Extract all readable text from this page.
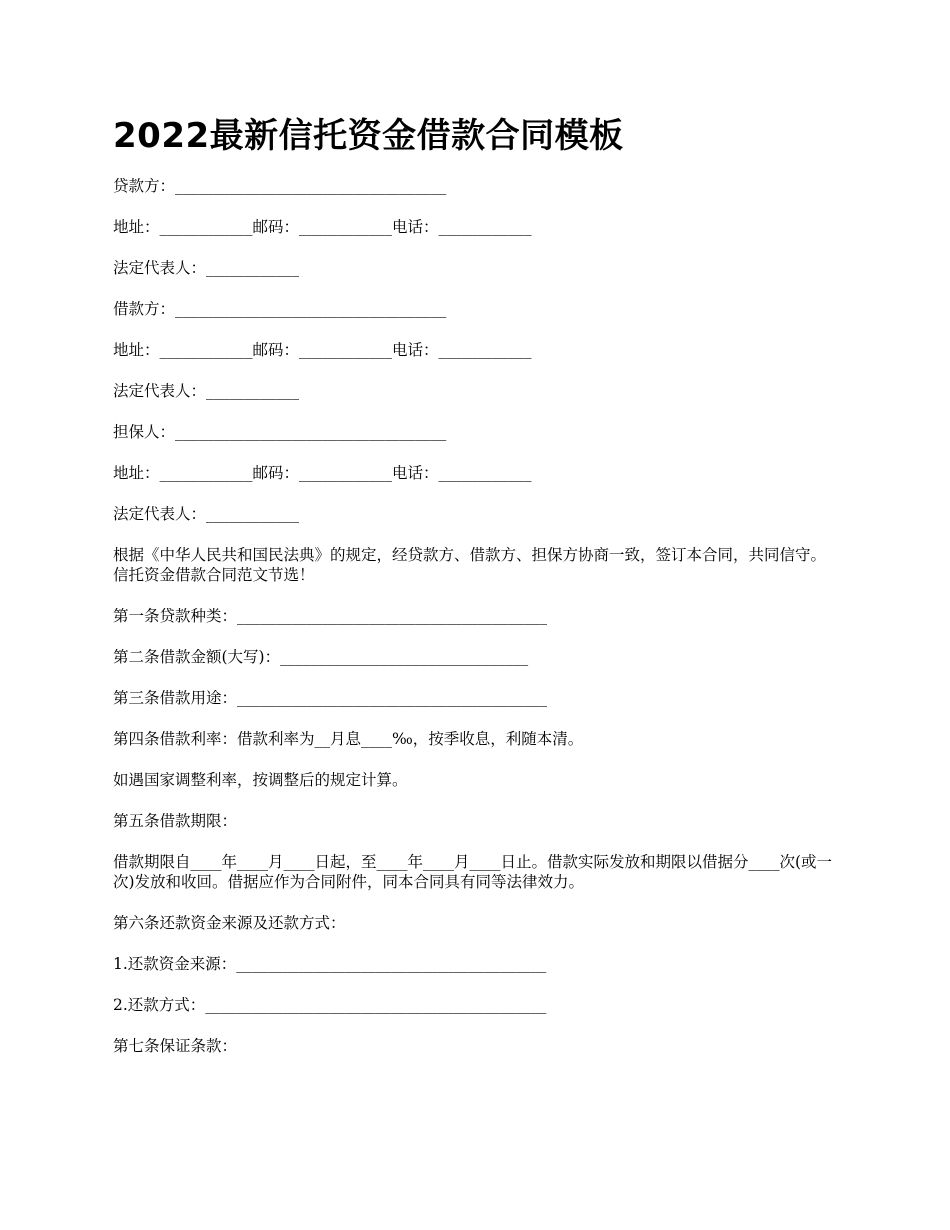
2022最新信托资金借款合同模板

贷款方：___________________________________

地址：____________邮码：____________电话：____________

法定代表人：____________

借款方：___________________________________

地址：____________邮码：____________电话：____________

法定代表人：____________

担保人：___________________________________

地址：____________邮码：____________电话：____________

法定代表人：____________

根据《中华人民共和国民法典》的规定，经贷款方、借款方、担保方协商一致，签订本合同，共同信守。信托资金借款合同范文节选！

第一条贷款种类：________________________________________

第二条借款金额(大写)：________________________________

第三条借款用途：________________________________________

第四条借款利率：借款利率为__月息____‰，按季收息，利随本清。

如遇国家调整利率，按调整后的规定计算。

第五条借款期限：

借款期限自____年____月____日起，至____年____月____日止。借款实际发放和期限以借据分____次(或一次)发放和收回。借据应作为合同附件，同本合同具有同等法律效力。

第六条还款资金来源及还款方式：

1.还款资金来源：________________________________________

2.还款方式：____________________________________________

第七条保证条款：
